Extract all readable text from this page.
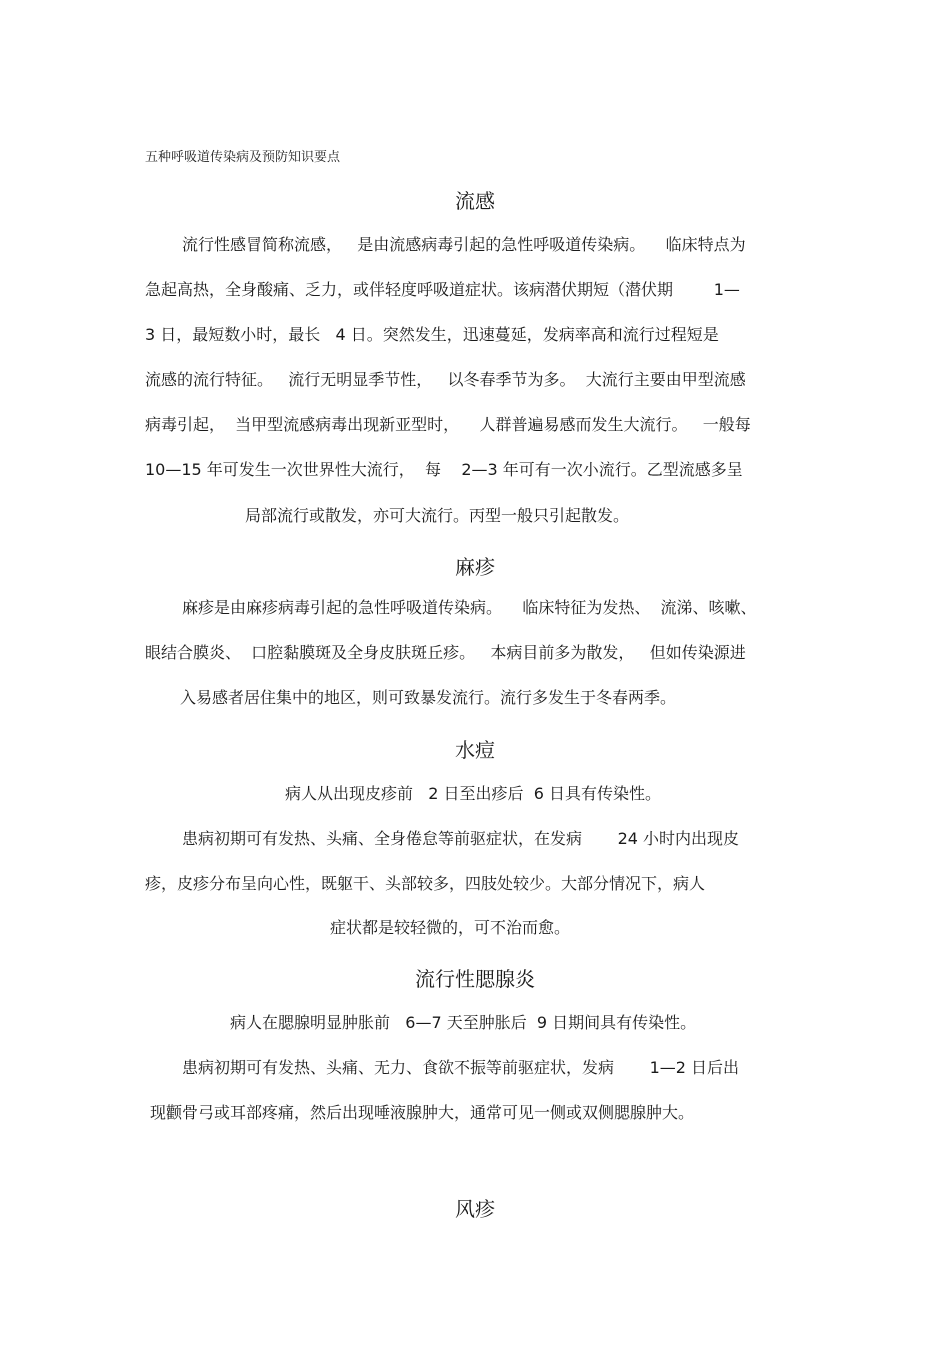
五种呼吸道传染病及预防知识要点
流感
流行性感冒简称流感，   是由流感病毒引起的急性呼吸道传染病。    临床特点为
急起高热，全身酸痛、乏力，或伴轻度呼吸道症状。该病潜伏期短（潜伏期        1—
3 日，最短数小时，最长   4 日。突然发生，迅速蔓延，发病率高和流行过程短是
流感的流行特征。   流行无明显季节性，   以冬春季节为多。  大流行主要由甲型流感
病毒引起，  当甲型流感病毒出现新亚型时，    人群普遍易感而发生大流行。   一般每
10—15 年可发生一次世界性大流行，  每    2—3 年可有一次小流行。乙型流感多呈
局部流行或散发，亦可大流行。丙型一般只引起散发。
麻疹
麻疹是由麻疹病毒引起的急性呼吸道传染病。    临床特征为发热、  流涕、咳嗽、
眼结合膜炎、  口腔黏膜斑及全身皮肤斑丘疹。   本病目前多为散发，   但如传染源进
入易感者居住集中的地区，则可致暴发流行。流行多发生于冬春两季。
水痘
病人从出现皮疹前   2 日至出疹后  6 日具有传染性。
患病初期可有发热、头痛、全身倦怠等前驱症状，在发病       24 小时内出现皮
疹，皮疹分布呈向心性，既躯干、头部较多，四肢处较少。大部分情况下，病人
症状都是较轻微的，可不治而愈。
流行性腮腺炎
病人在腮腺明显肿胀前   6—7 天至肿胀后  9 日期间具有传染性。
患病初期可有发热、头痛、无力、食欲不振等前驱症状，发病       1—2 日后出
现颧骨弓或耳部疼痛，然后出现唾液腺肿大，通常可见一侧或双侧腮腺肿大。
风疹
